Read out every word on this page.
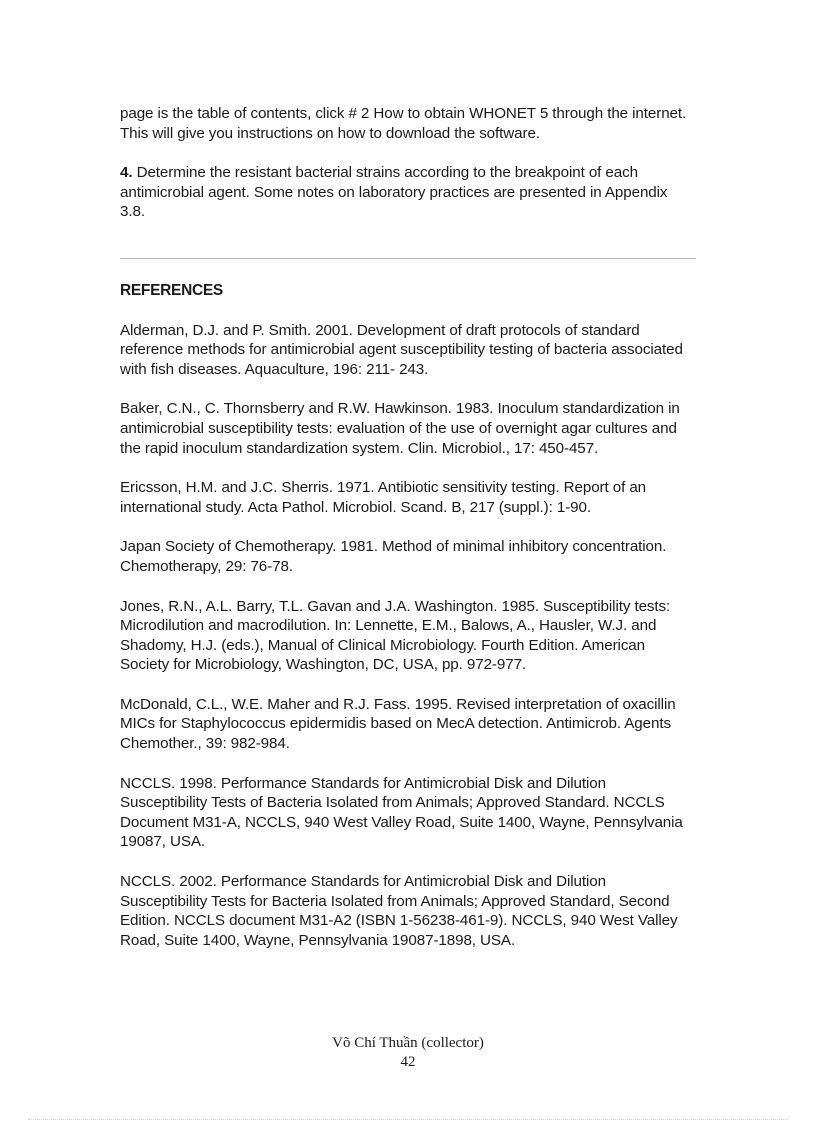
page is the table of contents, click # 2 How to obtain WHONET 5 through the internet. This will give you instructions on how to download the software.

4. Determine the resistant bacterial strains according to the breakpoint of each antimicrobial agent. Some notes on laboratory practices are presented in Appendix 3.8.

REFERENCES

Alderman, D.J. and P. Smith. 2001. Development of draft protocols of standard reference methods for antimicrobial agent susceptibility testing of bacteria associated with fish diseases. Aquaculture, 196: 211- 243.

Baker, C.N., C. Thornsberry and R.W. Hawkinson. 1983. Inoculum standardization in antimicrobial susceptibility tests: evaluation of the use of overnight agar cultures and the rapid inoculum standardization system. Clin. Microbiol., 17: 450-457.

Ericsson, H.M. and J.C. Sherris. 1971. Antibiotic sensitivity testing. Report of an international study. Acta Pathol. Microbiol. Scand. B, 217 (suppl.): 1-90.

Japan Society of Chemotherapy. 1981. Method of minimal inhibitory concentration. Chemotherapy, 29: 76-78.

Jones, R.N., A.L. Barry, T.L. Gavan and J.A. Washington. 1985. Susceptibility tests: Microdilution and macrodilution. In: Lennette, E.M., Balows, A., Hausler, W.J. and Shadomy, H.J. (eds.), Manual of Clinical Microbiology. Fourth Edition. American Society for Microbiology, Washington, DC, USA, pp. 972-977.

McDonald, C.L., W.E. Maher and R.J. Fass. 1995. Revised interpretation of oxacillin MICs for Staphylococcus epidermidis based on MecA detection. Antimicrob. Agents Chemother., 39: 982-984.

NCCLS. 1998. Performance Standards for Antimicrobial Disk and Dilution Susceptibility Tests of Bacteria Isolated from Animals; Approved Standard. NCCLS Document M31-A, NCCLS, 940 West Valley Road, Suite 1400, Wayne, Pennsylvania 19087, USA.

NCCLS. 2002. Performance Standards for Antimicrobial Disk and Dilution Susceptibility Tests for Bacteria Isolated from Animals; Approved Standard, Second Edition. NCCLS document M31-A2 (ISBN 1-56238-461-9). NCCLS, 940 West Valley Road, Suite 1400, Wayne, Pennsylvania 19087-1898, USA.

Võ Chí Thuần (collector)
42
